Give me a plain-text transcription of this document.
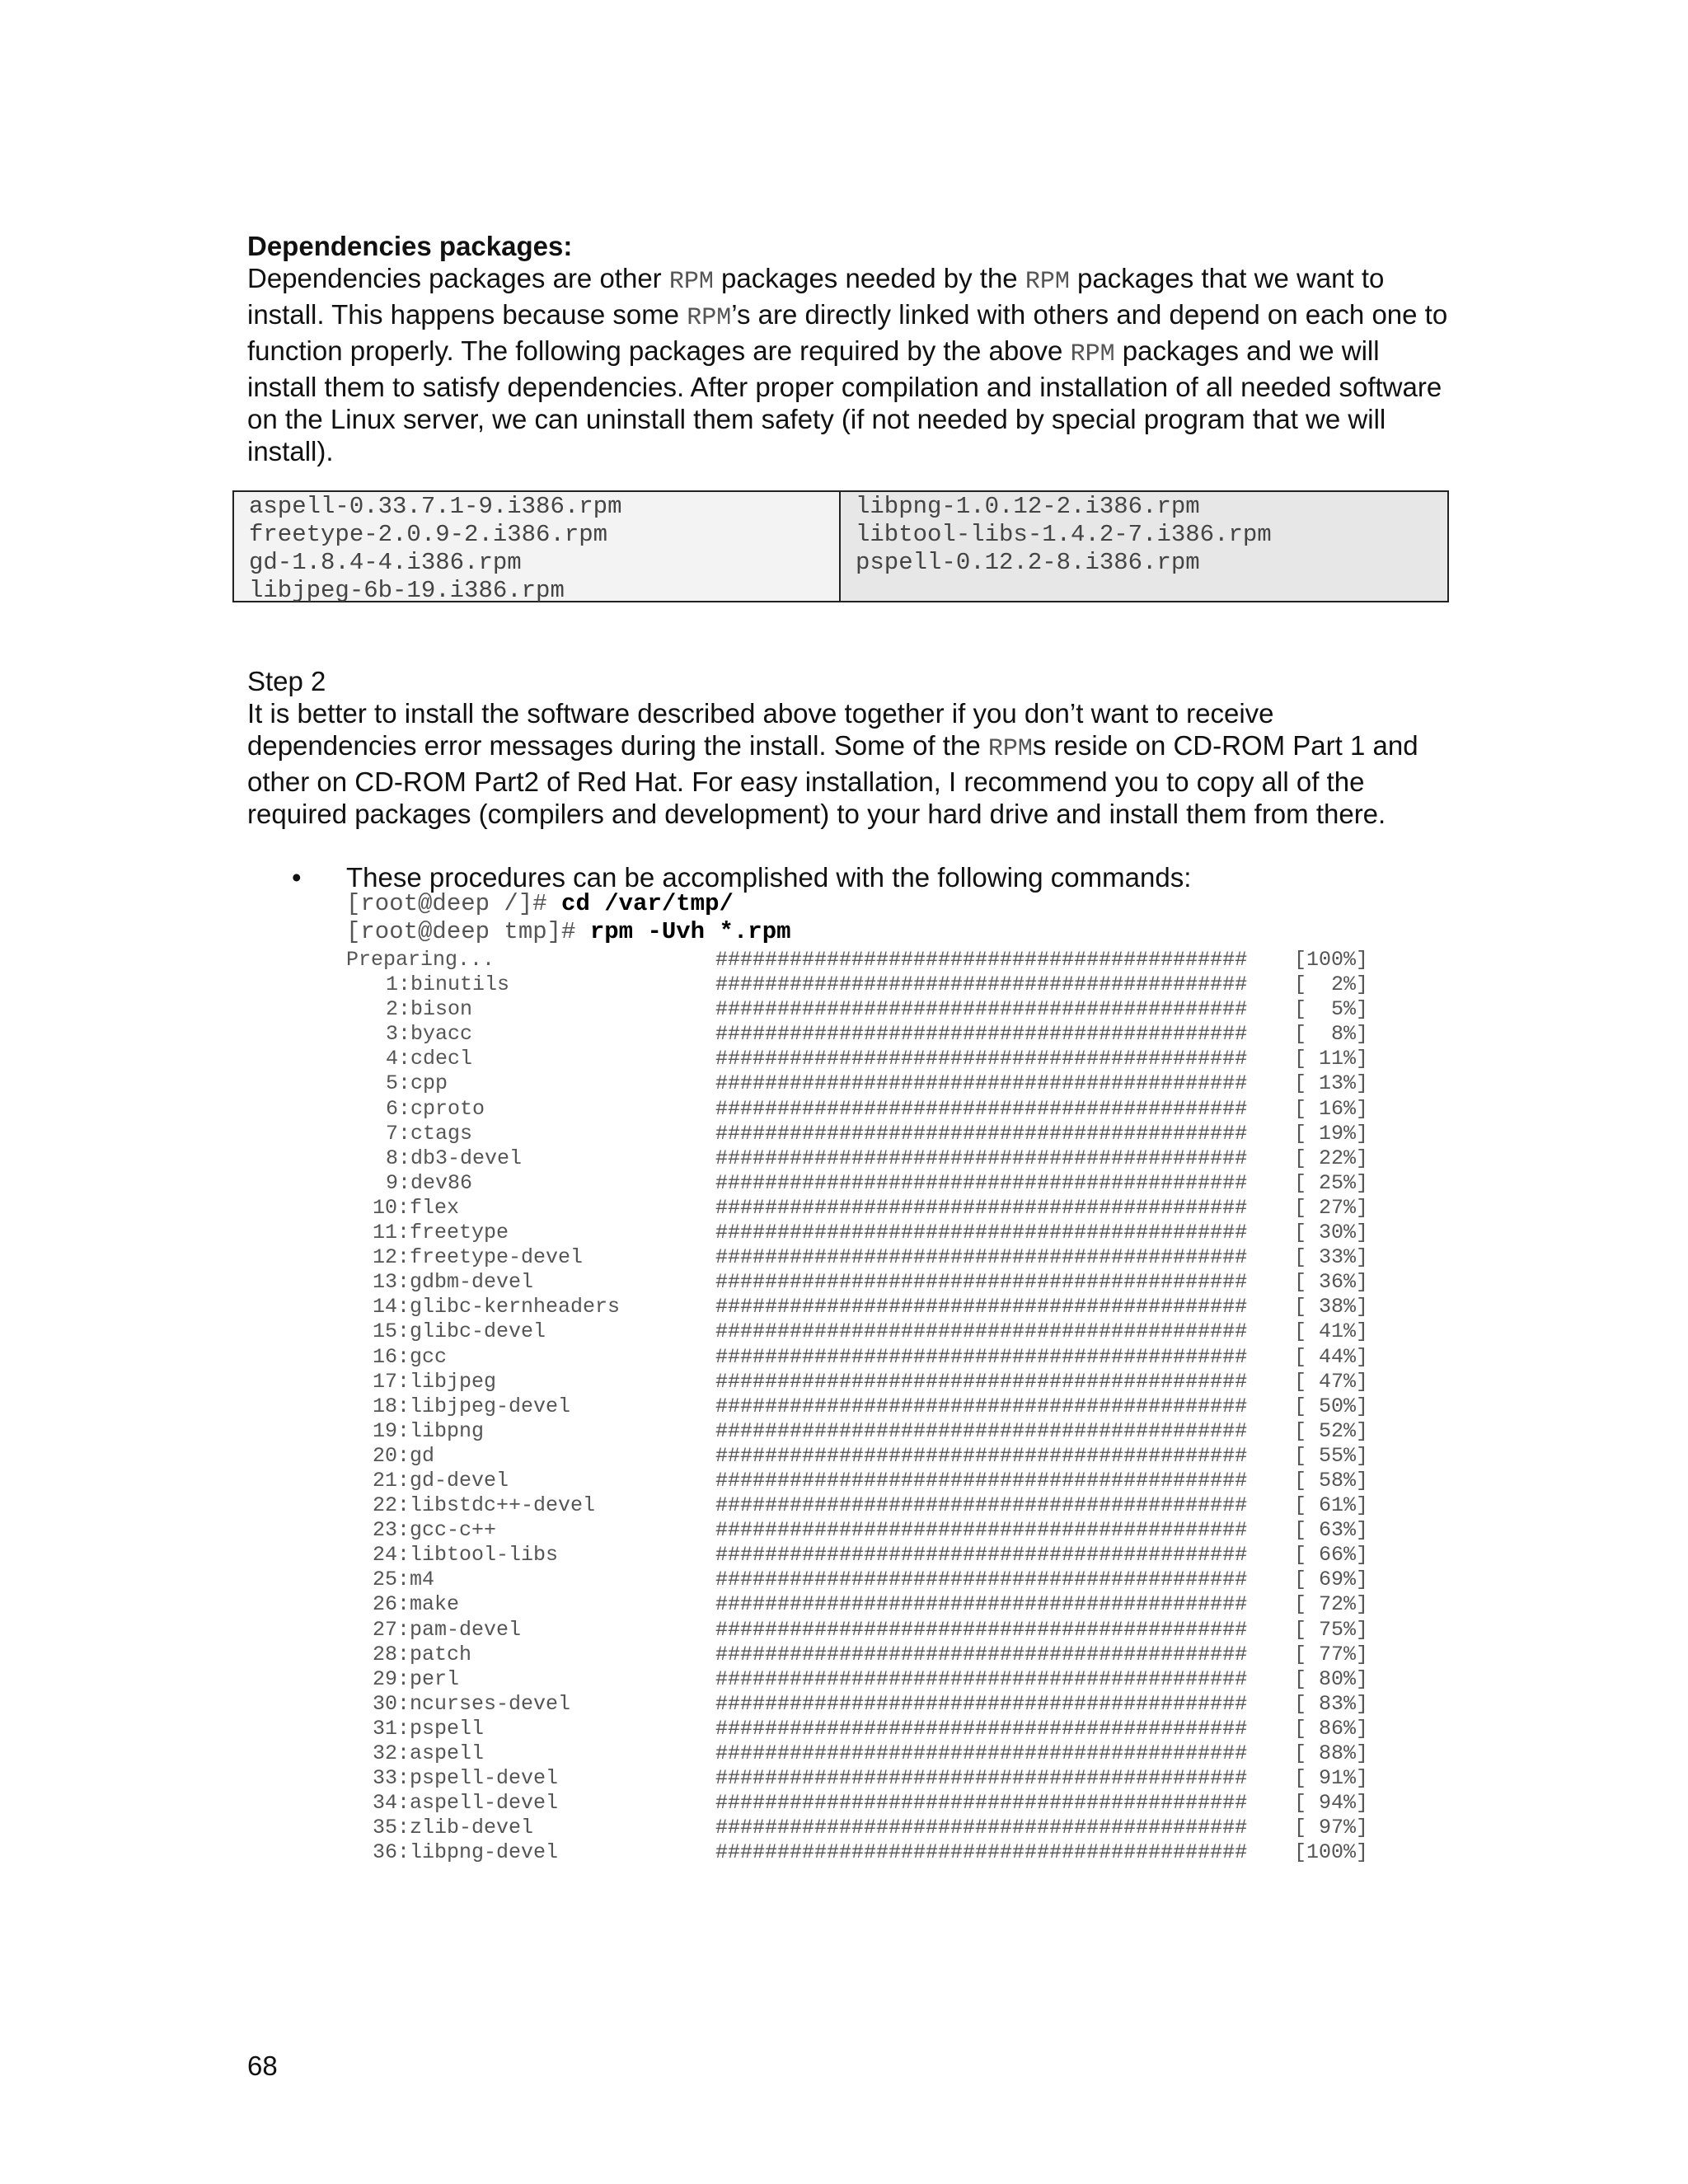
Dependencies packages:

Dependencies packages are other RPM packages needed by the RPM packages that we want to install. This happens because some RPM’s are directly linked with others and depend on each one to function properly. The following packages are required by the above RPM packages and we will install them to satisfy dependencies. After proper compilation and installation of all needed software on the Linux server, we can uninstall them safety (if not needed by special program that we will install).

aspell-0.33.7.1-9.i386.rpm
freetype-2.0.9-2.i386.rpm
gd-1.8.4-4.i386.rpm
libjpeg-6b-19.i386.rpm
libpng-1.0.12-2.i386.rpm
libtool-libs-1.4.2-7.i386.rpm
pspell-0.12.2-8.i386.rpm
Step 2

It is better to install the software described above together if you don’t want to receive dependencies error messages during the install. Some of the RPMs reside on CD-ROM Part 1 and other on CD-ROM Part2 of Red Hat. For easy installation, I recommend you to copy all of the required packages (compilers and development) to your hard drive and install them from there.

• These procedures can be accomplished with the following commands:
[root@deep /]# cd /var/tmp/
[root@deep tmp]# rpm -Uvh *.rpm
Preparing...	###########################################	[100%]
1:binutils	###########################################	[  2%]
2:bison	###########################################	[  5%]
3:byacc	###########################################	[  8%]
4:cdecl	###########################################	[ 11%]
5:cpp	###########################################	[ 13%]
6:cproto	###########################################	[ 16%]
7:ctags	###########################################	[ 19%]
8:db3-devel	###########################################	[ 22%]
9:dev86	###########################################	[ 25%]
10:flex	###########################################	[ 27%]
11:freetype	###########################################	[ 30%]
12:freetype-devel	###########################################	[ 33%]
13:gdbm-devel	###########################################	[ 36%]
14:glibc-kernheaders	###########################################	[ 38%]
15:glibc-devel	###########################################	[ 41%]
16:gcc	###########################################	[ 44%]
17:libjpeg	###########################################	[ 47%]
18:libjpeg-devel	###########################################	[ 50%]
19:libpng	###########################################	[ 52%]
20:gd	###########################################	[ 55%]
21:gd-devel	###########################################	[ 58%]
22:libstdc++-devel	###########################################	[ 61%]
23:gcc-c++	###########################################	[ 63%]
24:libtool-libs	###########################################	[ 66%]
25:m4	###########################################	[ 69%]
26:make	###########################################	[ 72%]
27:pam-devel	###########################################	[ 75%]
28:patch	###########################################	[ 77%]
29:perl	###########################################	[ 80%]
30:ncurses-devel	###########################################	[ 83%]
31:pspell	###########################################	[ 86%]
32:aspell	###########################################	[ 88%]
33:pspell-devel	###########################################	[ 91%]
34:aspell-devel	###########################################	[ 94%]
35:zlib-devel	###########################################	[ 97%]
36:libpng-devel	###########################################	[100%]
68
